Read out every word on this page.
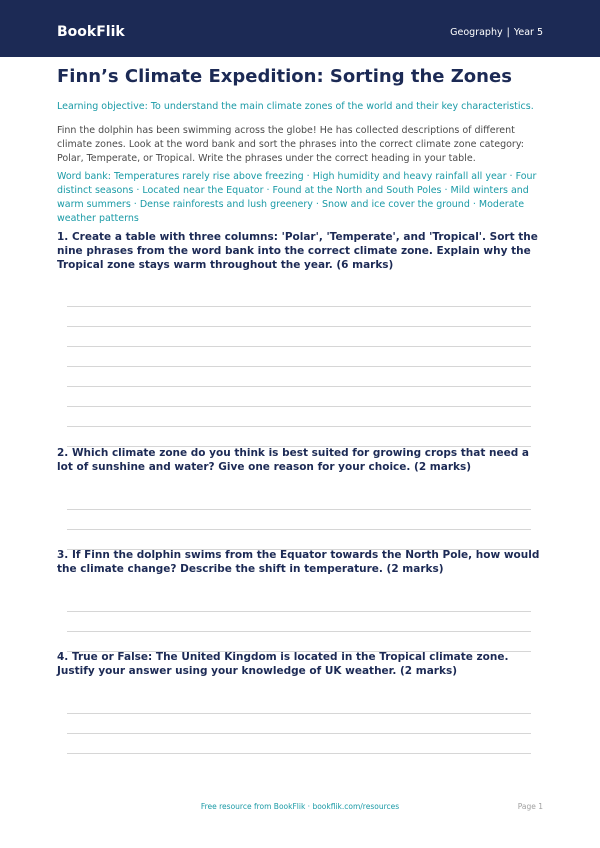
BookFlik	Geography | Year 5
Finn’s Climate Expedition: Sorting the Zones

Learning objective: To understand the main climate zones of the world and their key characteristics.

Finn the dolphin has been swimming across the globe! He has collected descriptions of different climate zones. Look at the word bank and sort the phrases into the correct climate zone category: Polar, Temperate, or Tropical. Write the phrases under the correct heading in your table.

Word bank: Temperatures rarely rise above freezing · High humidity and heavy rainfall all year · Four distinct seasons · Located near the Equator · Found at the North and South Poles · Mild winters and warm summers · Dense rainforests and lush greenery · Snow and ice cover the ground · Moderate weather patterns

1. Create a table with three columns: 'Polar', 'Temperate', and 'Tropical'. Sort the nine phrases from the word bank into the correct climate zone. Explain why the Tropical zone stays warm throughout the year. (6 marks)

2. Which climate zone do you think is best suited for growing crops that need a lot of sunshine and water? Give one reason for your choice. (2 marks)

3. If Finn the dolphin swims from the Equator towards the North Pole, how would the climate change? Describe the shift in temperature. (2 marks)

4. True or False: The United Kingdom is located in the Tropical climate zone. Justify your answer using your knowledge of UK weather. (2 marks)

Free resource from BookFlik · bookflik.com/resources	Page 1
